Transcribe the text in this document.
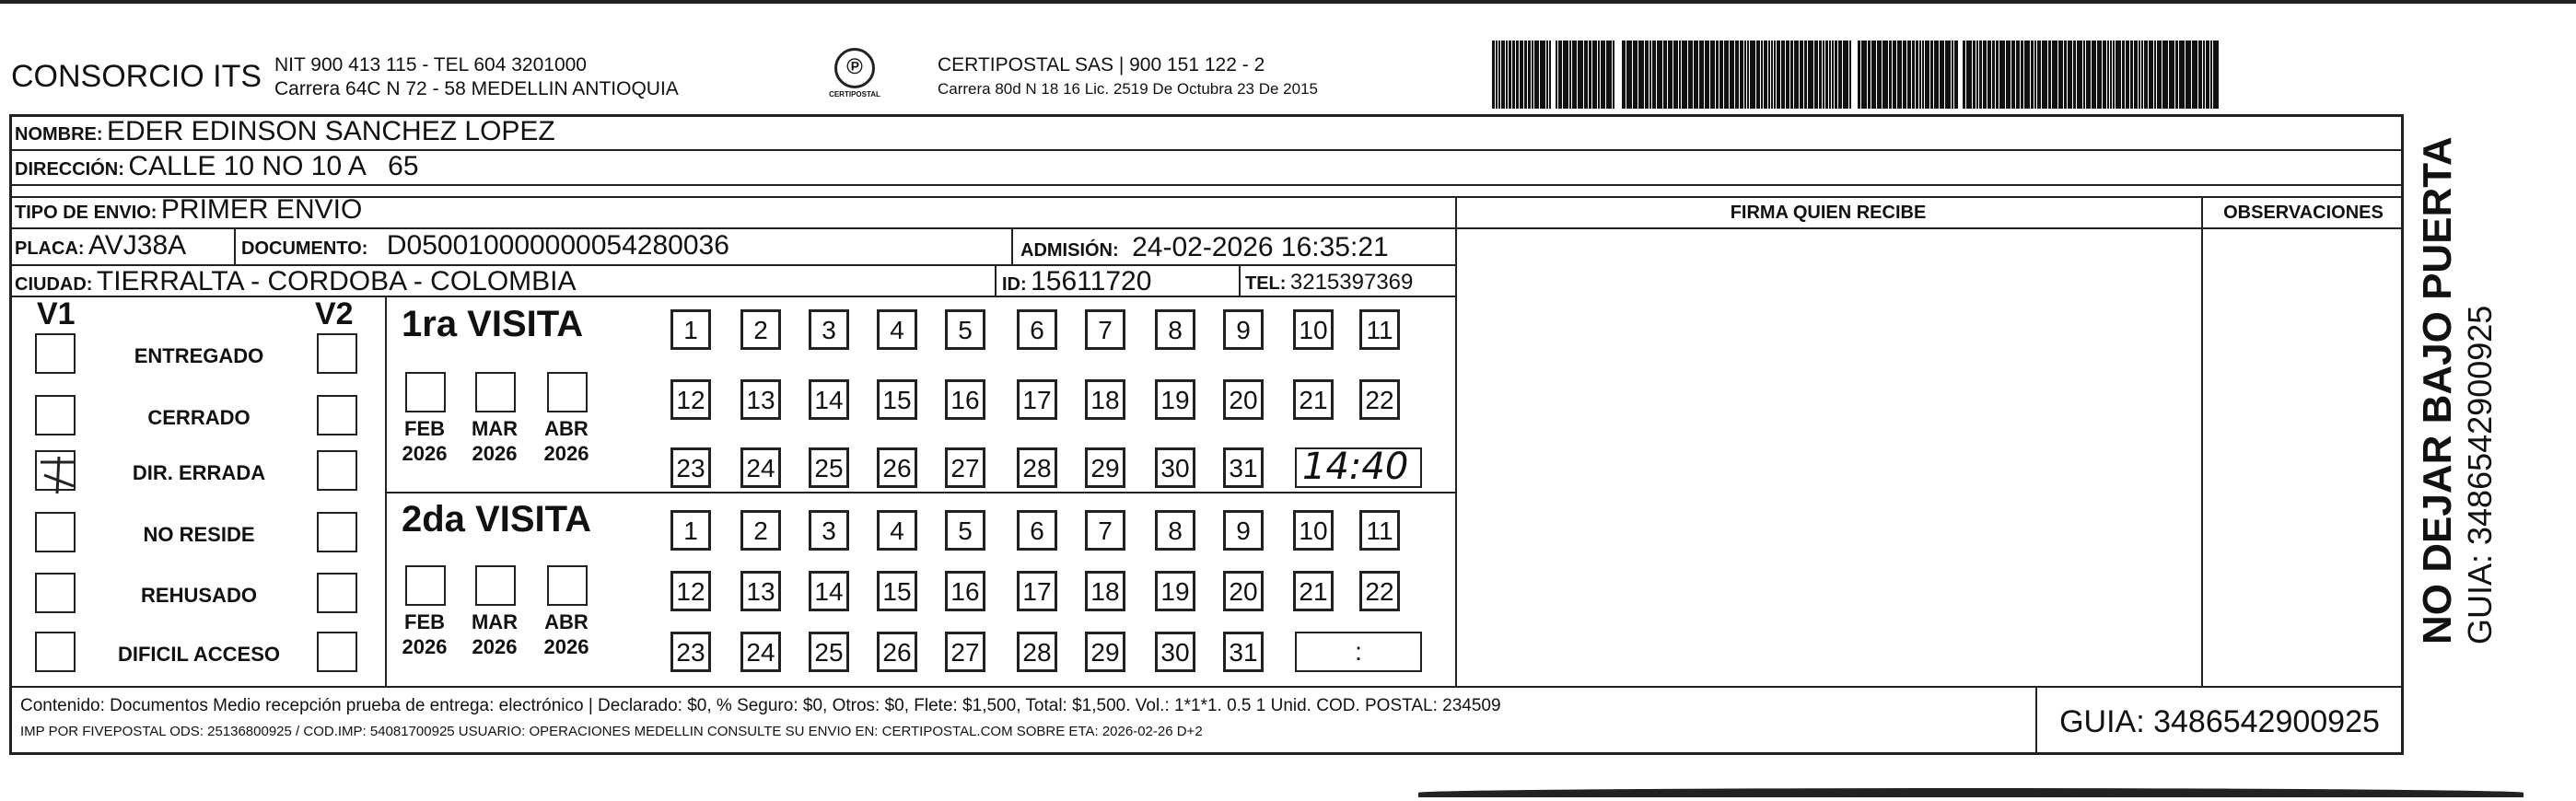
CONSORCIO ITS NIT 900 413 115 - TEL 604 3201000
Carrera 64C N 72 - 58 MEDELLIN ANTIOQUIA
℗
CERTIPOSTAL
CERTIPOSTAL SAS | 900 151 122 - 2
Carrera 80d N 18 16 Lic. 2519 De Octubra 23 De 2015
NOMBRE: EDER EDINSON SANCHEZ LOPEZ
DIRECCIÓN: CALLE 10 NO 10 A   65
TIPO DE ENVIO: PRIMER ENVIO	FIRMA QUIEN RECIBE	OBSERVACIONES
PLACA: AVJ38A	DOCUMENTO: D050010000000054280036	ADMISIÓN: 24-02-2026 16:35:21
CIUDAD: TIERRALTA - CORDOBA - COLOMBIA	ID: 15611720	TEL: 3215397369
V1	V2
ENTREGADO
CERRADO
DIR. ERRADA
NO RESIDE
REHUSADO
DIFICIL ACCESO
1ra VISITA
2da VISITA
1	2	3	4	5	6	7	8	9	10 11
12 13 14 15 16 17 18 19 20 21 22
23 24 25 26 27 28 29 30 31
FEB
2026
MAR
2026
ABR
2026
1	2	3	4	5	6	7	8	9	10 11
12 13 14 15 16 17 18 19 20 21 22
23 24 25 26 27 28 29 30 31
FEB
2026
MAR
2026
ABR
2026	:
14:40
Contenido: Documentos Medio recepción prueba de entrega: electrónico | Declarado: $0, % Seguro: $0, Otros: $0, Flete: $1,500, Total: $1,500. Vol.: 1*1*1. 0.5 1 Unid. COD. POSTAL: 234509
IMP POR FIVEPOSTAL ODS: 25136800925 / COD.IMP: 54081700925 USUARIO: OPERACIONES MEDELLIN CONSULTE SU ENVIO EN: CERTIPOSTAL.COM SOBRE ETA: 2026-02-26 D+2	GUIA: 3486542900925
NO DEJAR BAJO PUERTA GUIA: 3486542900925
